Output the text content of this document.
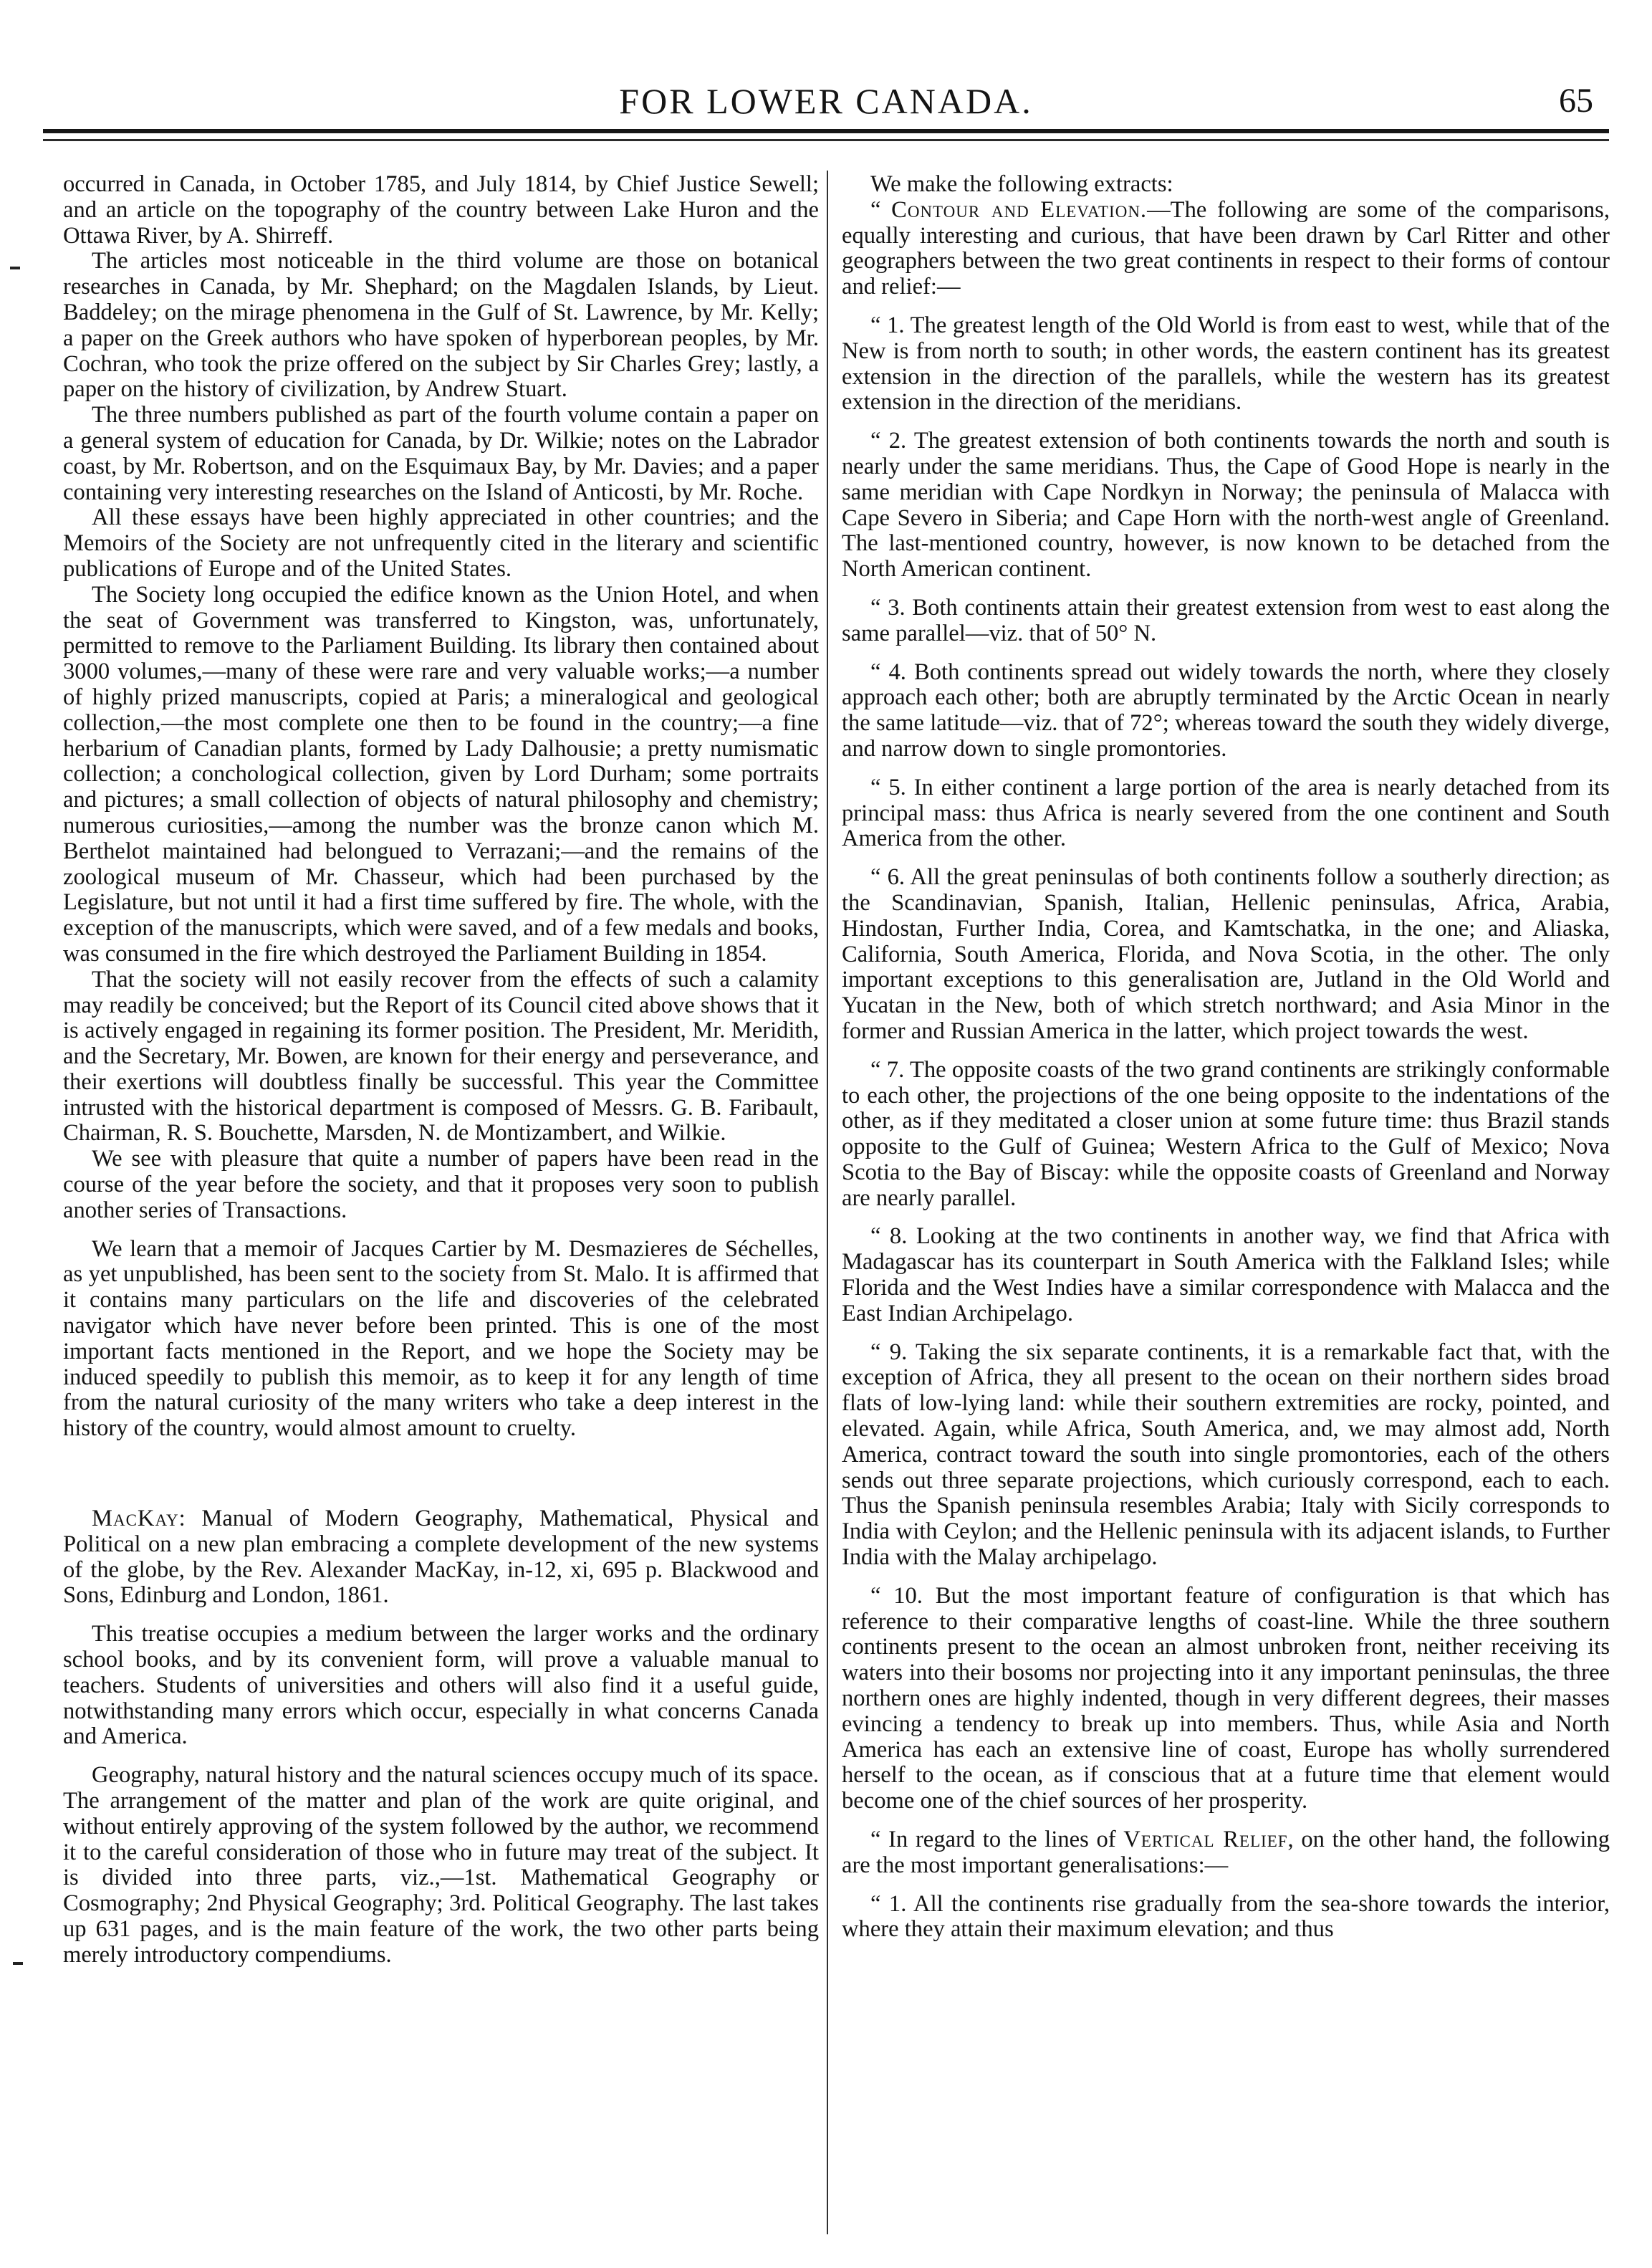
FOR LOWER CANADA.	65

occurred in Canada, in October 1785, and July 1814, by Chief Justice Sewell; and an article on the topography of the country between Lake Huron and the Ottawa River, by A. Shirreff.

The articles most noticeable in the third volume are those on botanical researches in Canada, by Mr. Shephard; on the Magdalen Islands, by Lieut. Baddeley; on the mirage phenomena in the Gulf of St. Lawrence, by Mr. Kelly; a paper on the Greek authors who have spoken of hyperborean peoples, by Mr. Cochran, who took the prize offered on the subject by Sir Charles Grey; lastly, a paper on the history of civilization, by Andrew Stuart.

The three numbers published as part of the fourth volume contain a paper on a general system of education for Canada, by Dr. Wilkie; notes on the Labrador coast, by Mr. Robertson, and on the Esquimaux Bay, by Mr. Davies; and a paper containing very interesting researches on the Island of Anticosti, by Mr. Roche.

All these essays have been highly appreciated in other countries; and the Memoirs of the Society are not unfrequently cited in the literary and scientific publications of Europe and of the United States.

The Society long occupied the edifice known as the Union Hotel, and when the seat of Government was transferred to Kingston, was, unfortunately, permitted to remove to the Parliament Building. Its library then contained about 3000 volumes,—many of these were rare and very valuable works;—a number of highly prized manuscripts, copied at Paris; a mineralogical and geological collection,—the most complete one then to be found in the country;—a fine herbarium of Canadian plants, formed by Lady Dalhousie; a pretty numismatic collection; a conchological collection, given by Lord Durham; some portraits and pictures; a small collection of objects of natural philosophy and chemistry; numerous curiosities,—among the number was the bronze canon which M. Berthelot maintained had belongued to Verrazani;—and the remains of the zoological museum of Mr. Chasseur, which had been purchased by the Legislature, but not until it had a first time suffered by fire. The whole, with the exception of the manuscripts, which were saved, and of a few medals and books, was consumed in the fire which destroyed the Parliament Building in 1854.

That the society will not easily recover from the effects of such a calamity may readily be conceived; but the Report of its Council cited above shows that it is actively engaged in regaining its former position. The President, Mr. Meridith, and the Secretary, Mr. Bowen, are known for their energy and perseverance, and their exertions will doubtless finally be successful. This year the Committee intrusted with the historical department is composed of Messrs. G. B. Faribault, Chairman, R. S. Bouchette, Marsden, N. de Montizambert, and Wilkie.

We see with pleasure that quite a number of papers have been read in the course of the year before the society, and that it proposes very soon to publish another series of Transactions.

We learn that a memoir of Jacques Cartier by M. Desmazieres de Séchelles, as yet unpublished, has been sent to the society from St. Malo. It is affirmed that it contains many particulars on the life and discoveries of the celebrated navigator which have never before been printed. This is one of the most important facts mentioned in the Report, and we hope the Society may be induced speedily to publish this memoir, as to keep it for any length of time from the natural curiosity of the many writers who take a deep interest in the history of the country, would almost amount to cruelty.

MacKay: Manual of Modern Geography, Mathematical, Physical and Political on a new plan embracing a complete development of the new systems of the globe, by the Rev. Alexander MacKay, in-12, xi, 695 p. Blackwood and Sons, Edinburg and London, 1861.

This treatise occupies a medium between the larger works and the ordinary school books, and by its convenient form, will prove a valuable manual to teachers. Students of universities and others will also find it a useful guide, notwithstanding many errors which occur, especially in what concerns Canada and America.

Geography, natural history and the natural sciences occupy much of its space. The arrangement of the matter and plan of the work are quite original, and without entirely approving of the system followed by the author, we recommend it to the careful consideration of those who in future may treat of the subject. It is divided into three parts, viz.,—1st. Mathematical Geography or Cosmography; 2nd Physical Geography; 3rd. Political Geography. The last takes up 631 pages, and is the main feature of the work, the two other parts being merely introductory compendiums.

We make the following extracts:

“ Contour and Elevation.—The following are some of the comparisons, equally interesting and curious, that have been drawn by Carl Ritter and other geographers between the two great continents in respect to their forms of contour and relief:—

“ 1. The greatest length of the Old World is from east to west, while that of the New is from north to south; in other words, the eastern continent has its greatest extension in the direction of the parallels, while the western has its greatest extension in the direction of the meridians.

“ 2. The greatest extension of both continents towards the north and south is nearly under the same meridians. Thus, the Cape of Good Hope is nearly in the same meridian with Cape Nordkyn in Norway; the peninsula of Malacca with Cape Severo in Siberia; and Cape Horn with the north-west angle of Greenland. The last-mentioned country, however, is now known to be detached from the North American continent.

“ 3. Both continents attain their greatest extension from west to east along the same parallel—viz. that of 50° N.

“ 4. Both continents spread out widely towards the north, where they closely approach each other; both are abruptly terminated by the Arctic Ocean in nearly the same latitude—viz. that of 72°; whereas toward the south they widely diverge, and narrow down to single promontories.

“ 5. In either continent a large portion of the area is nearly detached from its principal mass: thus Africa is nearly severed from the one continent and South America from the other.

“ 6. All the great peninsulas of both continents follow a southerly direction; as the Scandinavian, Spanish, Italian, Hellenic peninsulas, Africa, Arabia, Hindostan, Further India, Corea, and Kamtschatka, in the one; and Aliaska, California, South America, Florida, and Nova Scotia, in the other. The only important exceptions to this generalisation are, Jutland in the Old World and Yucatan in the New, both of which stretch northward; and Asia Minor in the former and Russian America in the latter, which project towards the west.

“ 7. The opposite coasts of the two grand continents are strikingly conformable to each other, the projections of the one being opposite to the indentations of the other, as if they meditated a closer union at some future time: thus Brazil stands opposite to the Gulf of Guinea; Western Africa to the Gulf of Mexico; Nova Scotia to the Bay of Biscay: while the opposite coasts of Greenland and Norway are nearly parallel.

“ 8. Looking at the two continents in another way, we find that Africa with Madagascar has its counterpart in South America with the Falkland Isles; while Florida and the West Indies have a similar correspondence with Malacca and the East Indian Archipelago.

“ 9. Taking the six separate continents, it is a remarkable fact that, with the exception of Africa, they all present to the ocean on their northern sides broad flats of low-lying land: while their southern extremities are rocky, pointed, and elevated. Again, while Africa, South America, and, we may almost add, North America, contract toward the south into single promontories, each of the others sends out three separate projections, which curiously correspond, each to each. Thus the Spanish peninsula resembles Arabia; Italy with Sicily corresponds to India with Ceylon; and the Hellenic peninsula with its adjacent islands, to Further India with the Malay archipelago.

“ 10. But the most important feature of configuration is that which has reference to their comparative lengths of coast-line. While the three southern continents present to the ocean an almost unbroken front, neither receiving its waters into their bosoms nor projecting into it any important peninsulas, the three northern ones are highly indented, though in very different degrees, their masses evincing a tendency to break up into members. Thus, while Asia and North America has each an extensive line of coast, Europe has wholly surrendered herself to the ocean, as if conscious that at a future time that element would become one of the chief sources of her prosperity.

“ In regard to the lines of Vertical Relief, on the other hand, the following are the most important generalisations:—

“ 1. All the continents rise gradually from the sea-shore towards the interior, where they attain their maximum elevation; and thus
